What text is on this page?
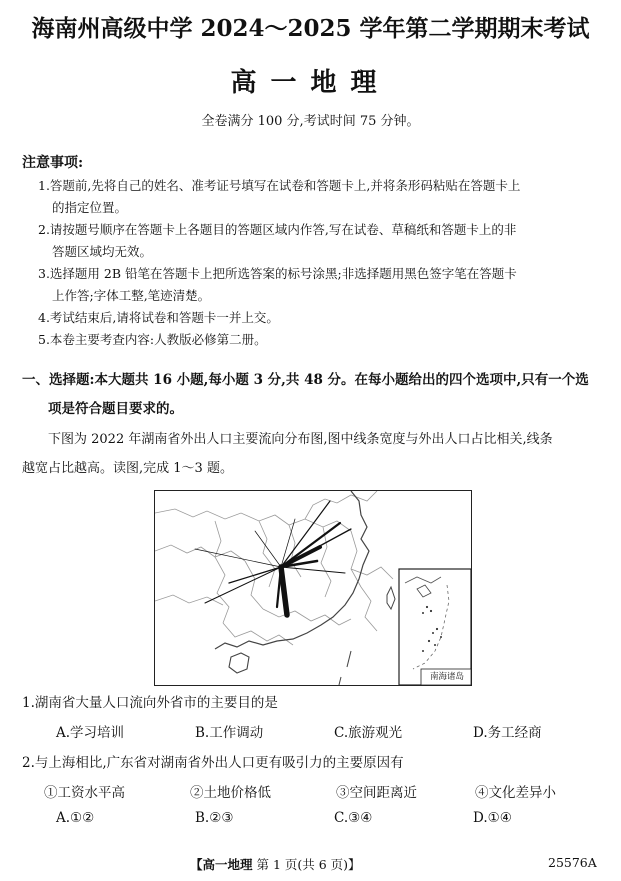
海南州高级中学 2024～2025 学年第二学期期末考试
高一地理
全卷满分 100 分,考试时间 75 分钟。
注意事项:
1.答题前,先将自己的姓名、准考证号填写在试卷和答题卡上,并将条形码粘贴在答题卡上
的指定位置。
2.请按题号顺序在答题卡上各题目的答题区域内作答,写在试卷、草稿纸和答题卡上的非
答题区域均无效。
3.选择题用 2B 铅笔在答题卡上把所选答案的标号涂黑;非选择题用黑色签字笔在答题卡
上作答;字体工整,笔迹清楚。
4.考试结束后,请将试卷和答题卡一并上交。
5.本卷主要考查内容:人教版必修第二册。
一、选择题:本大题共 16 小题,每小题 3 分,共 48 分。在每小题给出的四个选项中,只有一个选
项是符合题目要求的。
下图为 2022 年湖南省外出人口主要流向分布图,图中线条宽度与外出人口占比相关,线条
越宽占比越高。读图,完成 1～3 题。
南海诸岛
1.湖南省大量人口流向外省市的主要目的是
A.学习培训	B.工作调动	C.旅游观光	D.务工经商
2.与上海相比,广东省对湖南省外出人口更有吸引力的主要原因有
①工资水平高	②土地价格低	③空间距离近	④文化差异小
A.①②	B.②③	C.③④	D.①④
【高一地理 第 1 页(共 6 页)】	25576A
